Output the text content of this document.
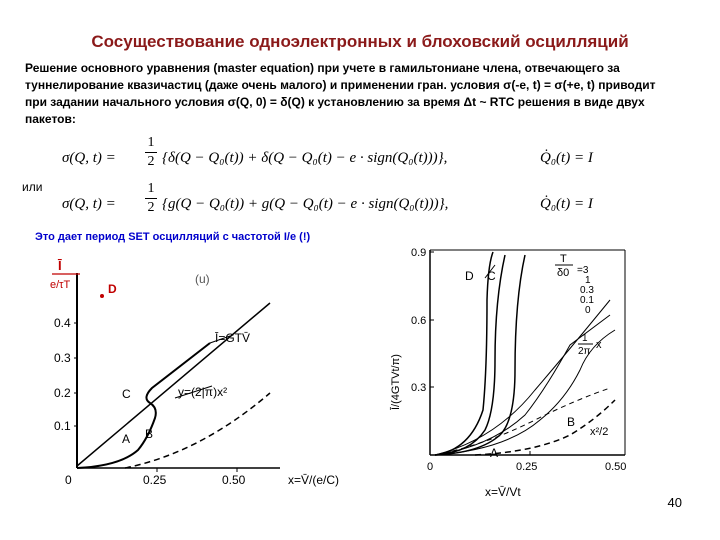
Сосуществование одноэлектронных и блоховский осцилляций
Решение основного уравнения (master equation) при учете в гамильтониане члена, отвечающего за туннелирование квазичастиц (даже очень малого) и применении гран. условия σ(-e, t) = σ(+e, t) приводит при задании начального условия σ(Q, 0) = δ(Q) к установлению за время Δt ~ RTC решения в виде двух пакетов:
σ(Q, t) =
1
2 {δ(Q − Q₀(t)) + δ(Q − Q₀(t) − e · sign(Q₀(t)))},	Q̇₀(t) = I
или
σ(Q, t) =
1
2 {g(Q − Q₀(t)) + g(Q − Q₀(t) − e · sign(Q₀(t)))},	Q̇₀(t) = I
Это дает период SET осцилляций с частотой I/e (!)
Ī
e/τT	D
(u)
0.4
0.3
0.2
0.1
0	0.25	0.50	x=V̄/(e/C)
C
B
A
Ī=GTV̄
y=(2|π)x²
0.9
0.6
0.3
0	0.25	0.50
x=V̄/Vt
Ī/(4GTVt/π)
D C
B
A
T
δ0 =3
1
0.3
0.1
0
1
2π
x
x²/2
40
